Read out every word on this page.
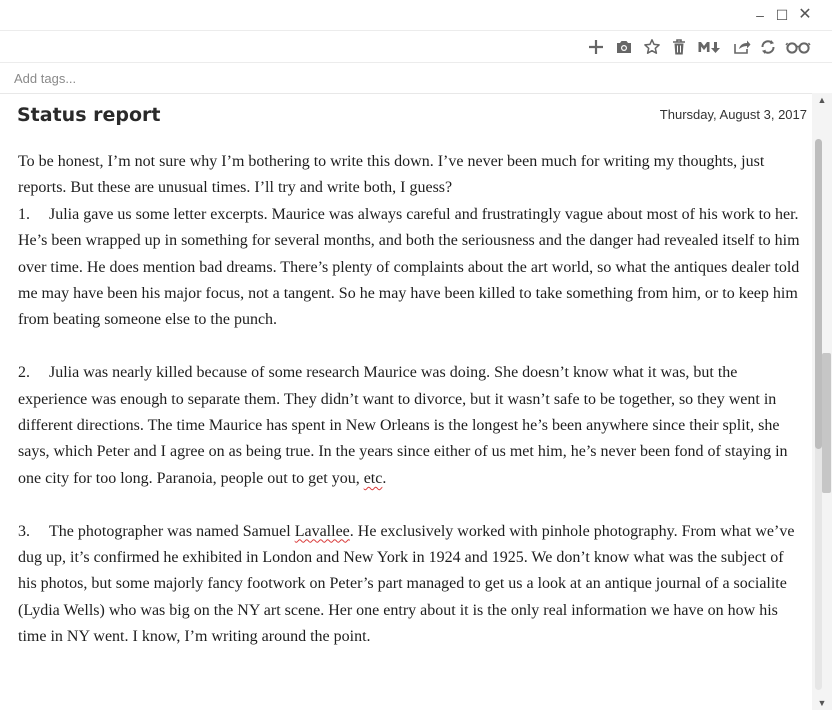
– ☐ ✕
Add tags...
Status report	Thursday, August 3, 2017

To be honest, I’m not sure why I’m bothering to write this down. I’ve never been much for writing my thoughts, just reports. But these are unusual times. I’ll try and write both, I guess?

1. Julia gave us some letter excerpts. Maurice was always careful and frustratingly vague about most of his work to her. He’s been wrapped up in something for several months, and both the seriousness and the danger had revealed itself to him over time. He does mention bad dreams. There’s plenty of complaints about the art world, so what the antiques dealer told me may have been his major focus, not a tangent. So he may have been killed to take something from him, or to keep him from beating someone else to the punch.

2. Julia was nearly killed because of some research Maurice was doing. She doesn’t know what it was, but the experience was enough to separate them. They didn’t want to divorce, but it wasn’t safe to be together, so they went in different directions. The time Maurice has spent in New Orleans is the longest he’s been anywhere since their split, she says, which Peter and I agree on as being true. In the years since either of us met him, he’s never been fond of staying in one city for too long. Paranoia, people out to get you, etc.

3. The photographer was named Samuel Lavallee. He exclusively worked with pinhole photography. From what we’ve dug up, it’s confirmed he exhibited in London and New York in 1924 and 1925. We don’t know what was the subject of his photos, but some majorly fancy footwork on Peter’s part managed to get us a look at an antique journal of a socialite (Lydia Wells) who was big on the NY art scene. Her one entry about it is the only real information we have on how his time in NY went. I know, I’m writing around the point.

▲
▼
